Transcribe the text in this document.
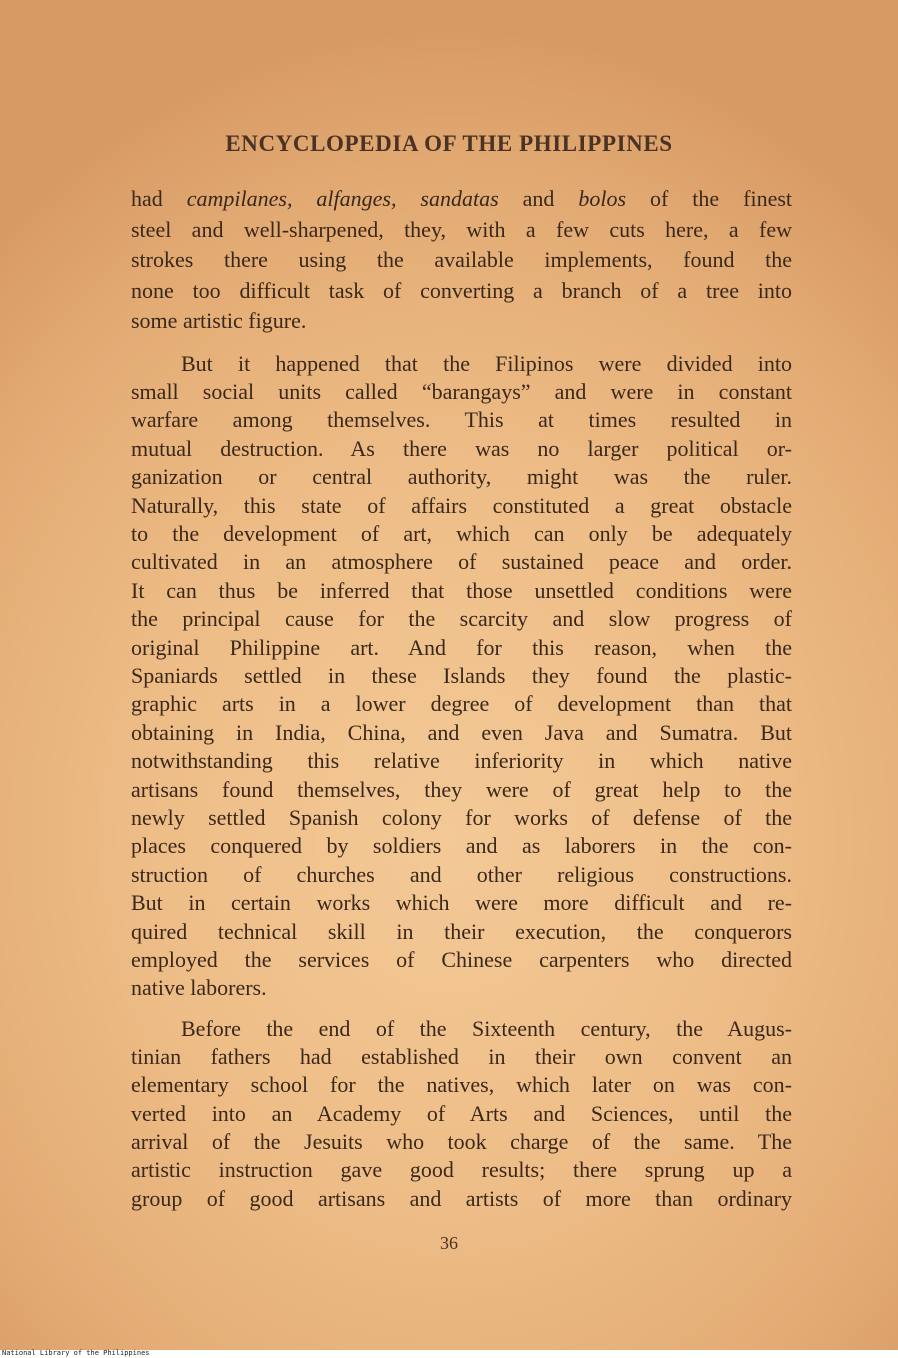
ENCYCLOPEDIA OF THE PHILIPPINES

had campilanes, alfanges, sandatas and bolos of the finest
steel and well-sharpened, they, with a few cuts here, a few
strokes there using the available implements, found the
none too difficult task of converting a branch of a tree into
some artistic figure.

But it happened that the Filipinos were divided into
small social units called “barangays” and were in constant
warfare among themselves. This at times resulted in
mutual destruction. As there was no larger political or-
ganization or central authority, might was the ruler.
Naturally, this state of affairs constituted a great obstacle
to the development of art, which can only be adequately
cultivated in an atmosphere of sustained peace and order.
It can thus be inferred that those unsettled conditions were
the principal cause for the scarcity and slow progress of
original Philippine art. And for this reason, when the
Spaniards settled in these Islands they found the plastic-
graphic arts in a lower degree of development than that
obtaining in India, China, and even Java and Sumatra. But
notwithstanding this relative inferiority in which native
artisans found themselves, they were of great help to the
newly settled Spanish colony for works of defense of the
places conquered by soldiers and as laborers in the con-
struction of churches and other religious constructions.
But in certain works which were more difficult and re-
quired technical skill in their execution, the conquerors
employed the services of Chinese carpenters who directed
native laborers.

Before the end of the Sixteenth century, the Augus-
tinian fathers had established in their own convent an
elementary school for the natives, which later on was con-
verted into an Academy of Arts and Sciences, until the
arrival of the Jesuits who took charge of the same. The
artistic instruction gave good results; there sprung up a
group of good artisans and artists of more than ordinary

36
National Library of the Philippines
